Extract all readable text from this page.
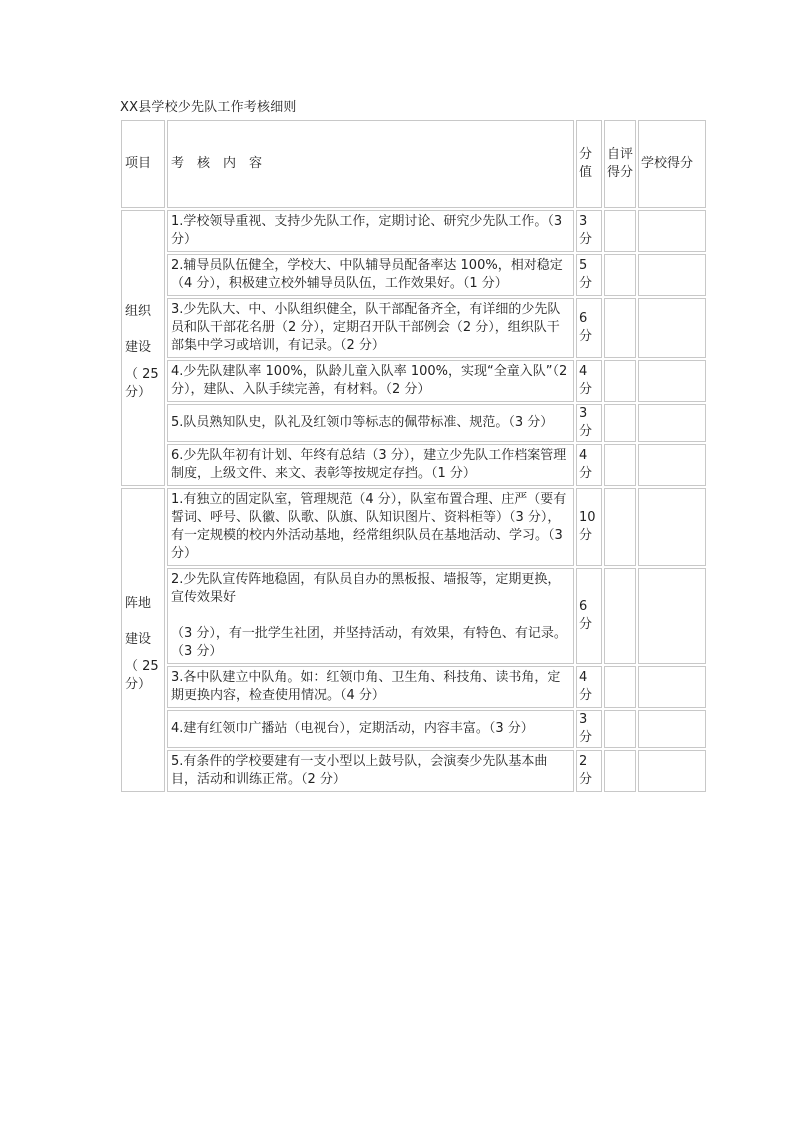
XX县学校少先队工作考核细则
项目	考　核　内　容	分值	自评得分	学校得分

组织
建设
（ 25 分）	1.学校领导重视、支持少先队工作，定期讨论、研究少先队工作。（3 分）	3 分		
	2.辅导员队伍健全，学校大、中队辅导员配备率达 100%，相对稳定（4 分），积极建立校外辅导员队伍，工作效果好。（1 分）	5 分		
	3.少先队大、中、小队组织健全，队干部配备齐全，有详细的少先队员和队干部花名册（2 分），定期召开队干部例会（2 分），组织队干部集中学习或培训，有记录。（2 分）	6 分		
	4.少先队建队率 100%，队龄儿童入队率 100%，实现“全童入队”（2 分），建队、入队手续完善，有材料。（2 分）	4 分		
	5.队员熟知队史，队礼及红领巾等标志的佩带标准、规范。（3 分）	3 分		
	6.少先队年初有计划、年终有总结（3 分），建立少先队工作档案管理制度，上级文件、来文、表彰等按规定存挡。（1 分）	4 分		

阵地
建设
（ 25 分）	1.有独立的固定队室，管理规范（4 分），队室布置合理、庄严（要有誓词、呼号、队徽、队歌、队旗、队知识图片、资料柜等）（3 分），有一定规模的校内外活动基地，经常组织队员在基地活动、学习。（3 分）	10 分		
	2.少先队宣传阵地稳固，有队员自办的黑板报、墙报等，定期更换，宣传效果好
（3 分），有一批学生社团，并坚持活动，有效果，有特色、有记录。（3 分）	6 分		
	3.各中队建立中队角。如：红领巾角、卫生角、科技角、读书角，定期更换内容，检查使用情况。（4 分）	4 分		
	4.建有红领巾广播站（电视台），定期活动，内容丰富。（3 分）	3 分		
	5.有条件的学校要建有一支小型以上鼓号队，会演奏少先队基本曲目，活动和训练正常。（2 分）	2 分		
